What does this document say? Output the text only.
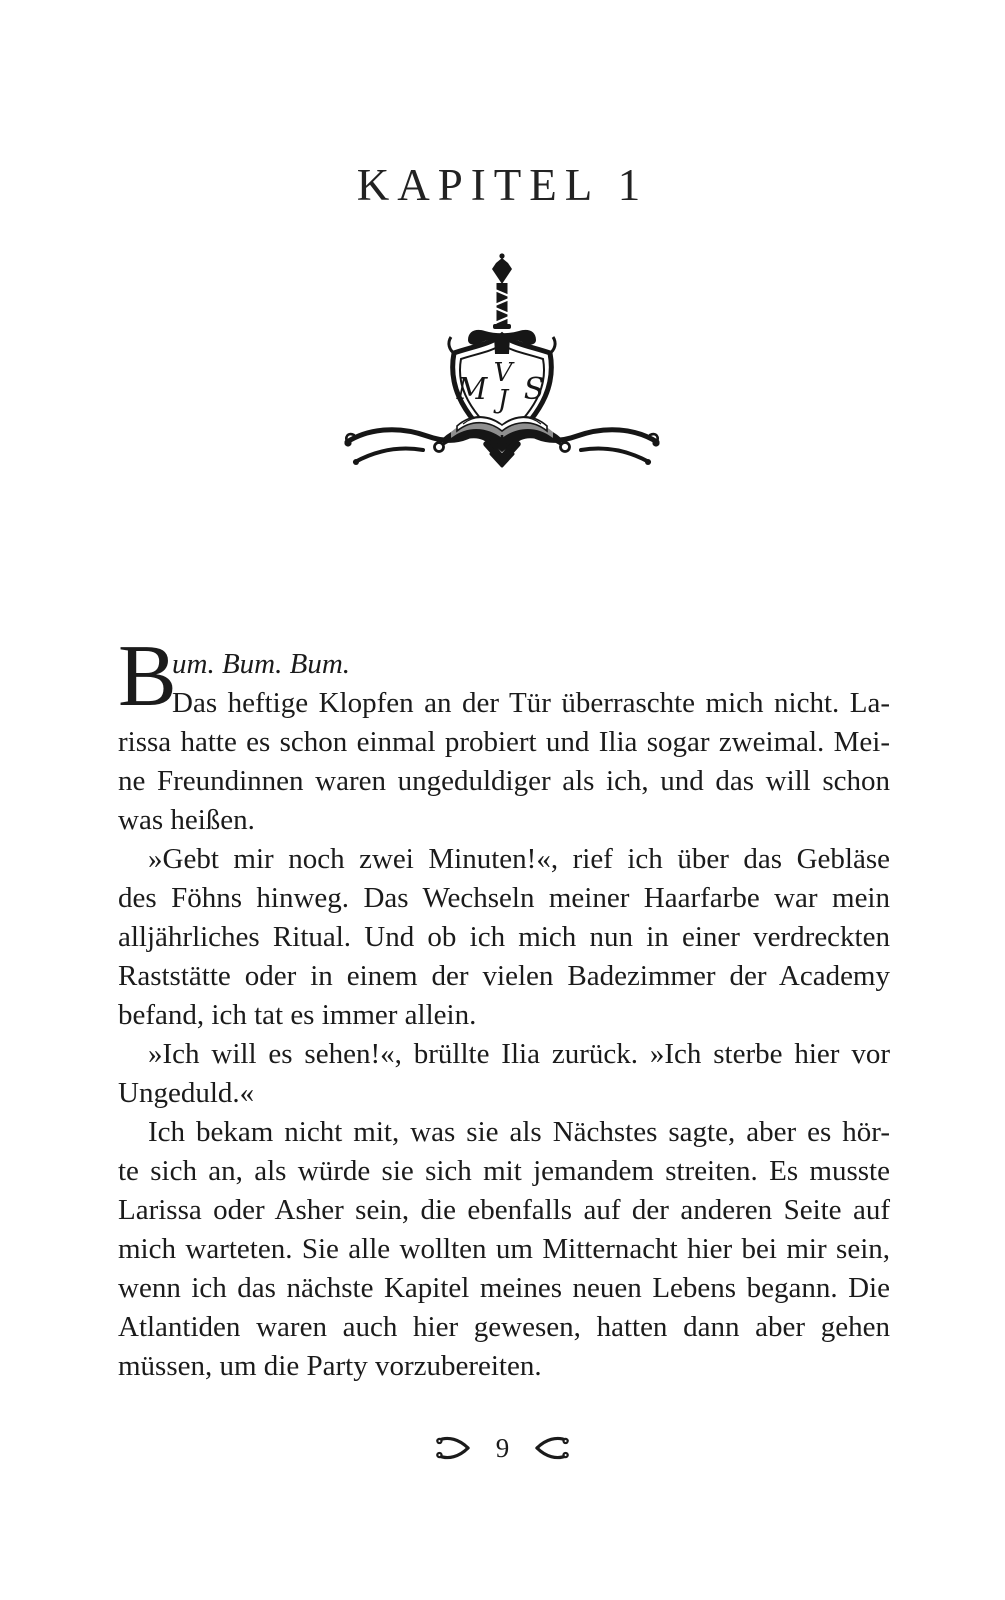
KAPITEL 1
M V
J S
B
um. Bum. Bum.
Das heftige Klopfen an der Tür überraschte mich nicht. La-
rissa hatte es schon einmal probiert und Ilia sogar zweimal. Mei-
ne Freundinnen waren ungeduldiger als ich, und das will schon
was heißen.
»Gebt mir noch zwei Minuten!«, rief ich über das Gebläse
des Föhns hinweg. Das Wechseln meiner Haarfarbe war mein
alljährliches Ritual. Und ob ich mich nun in einer verdreckten
Raststätte oder in einem der vielen Badezimmer der Academy
befand, ich tat es immer allein.
»Ich will es sehen!«, brüllte Ilia zurück. »Ich sterbe hier vor
Ungeduld.«
Ich bekam nicht mit, was sie als Nächstes sagte, aber es hör-
te sich an, als würde sie sich mit jemandem streiten. Es musste
Larissa oder Asher sein, die ebenfalls auf der anderen Seite auf
mich warteten. Sie alle wollten um Mitternacht hier bei mir sein,
wenn ich das nächste Kapitel meines neuen Lebens begann. Die
Atlantiden waren auch hier gewesen, hatten dann aber gehen
müssen, um die Party vorzubereiten.
9
